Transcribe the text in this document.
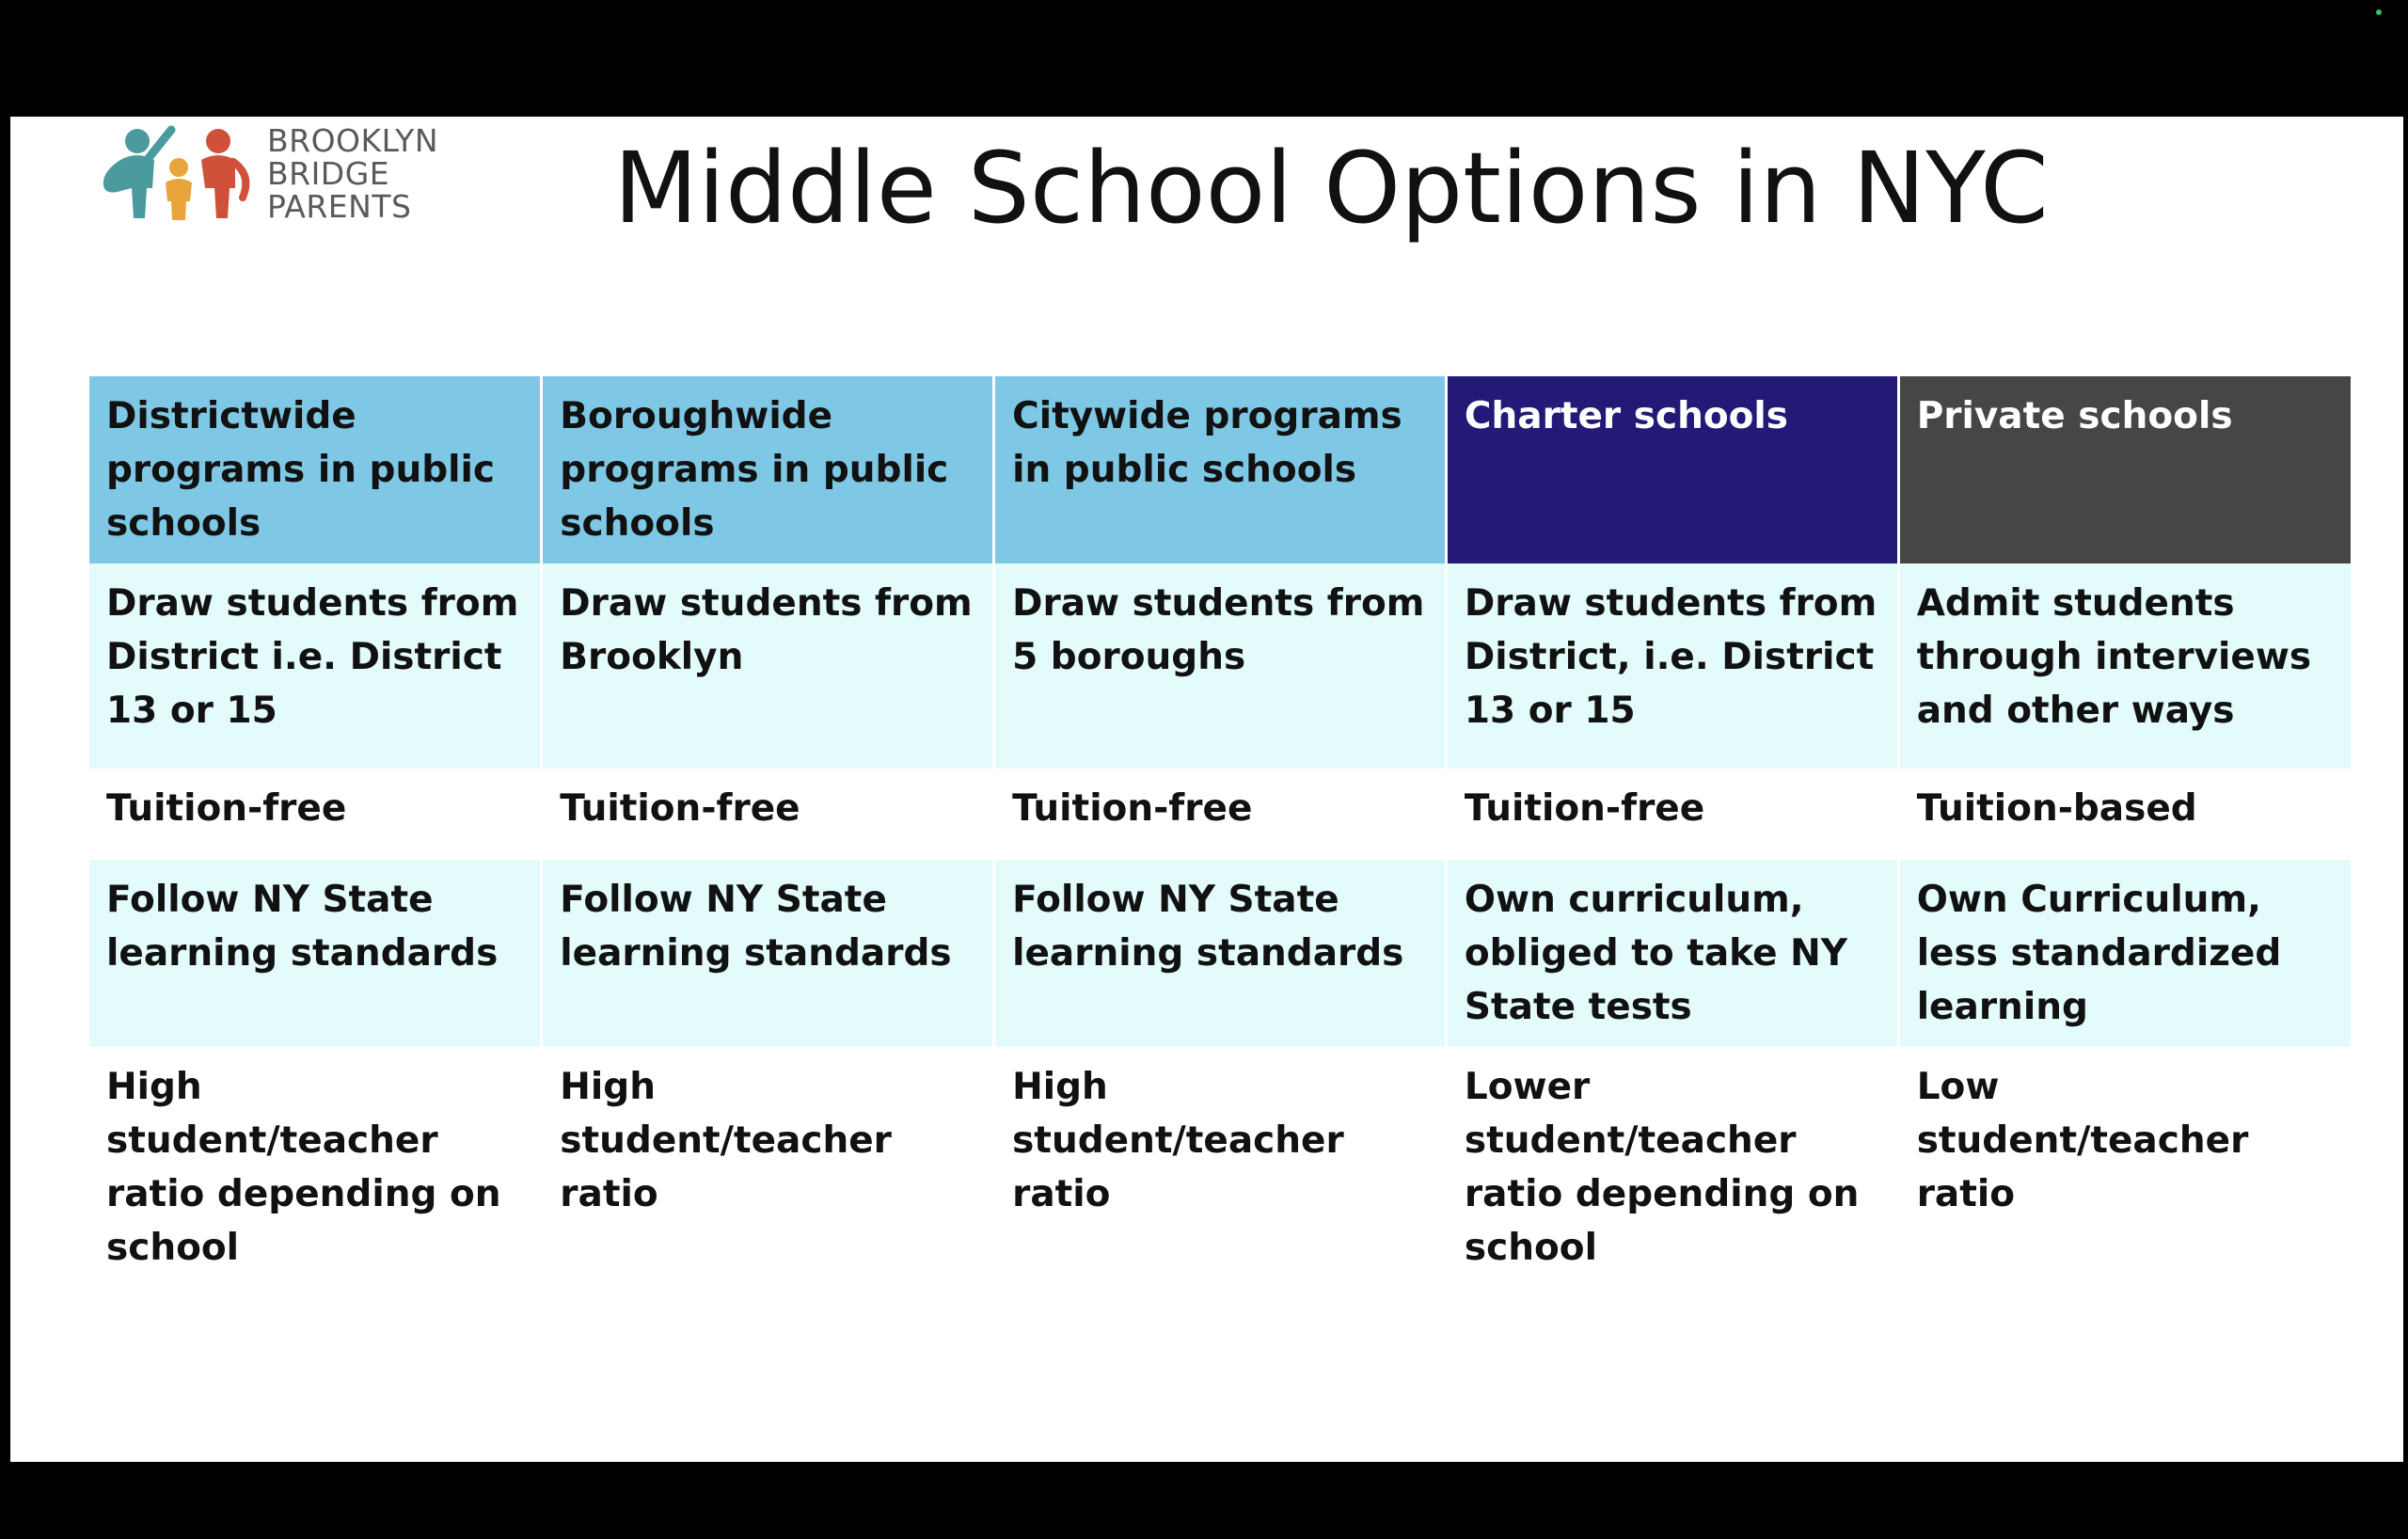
BROOKLYN
BRIDGE
PARENTS	Middle School Options in NYC
Districtwide programs in public schools	Boroughwide programs in public schools	Citywide programs in public schools	Charter schools	Private schools
Draw students from District i.e. District 13 or 15	Draw students from Brooklyn	Draw students from 5 boroughs	Draw students from District, i.e. District 13 or 15	Admit students through interviews and other ways
Tuition-free	Tuition-free	Tuition-free	Tuition-free	Tuition-based
Follow NY State learning standards	Follow NY State learning standards	Follow NY State learning standards	Own curriculum, obliged to take NY State tests	Own Curriculum, less standardized learning
High student/teacher ratio depending on school	High student/teacher ratio	High student/teacher ratio	Lower student/teacher ratio depending on school	Low student/teacher ratio
